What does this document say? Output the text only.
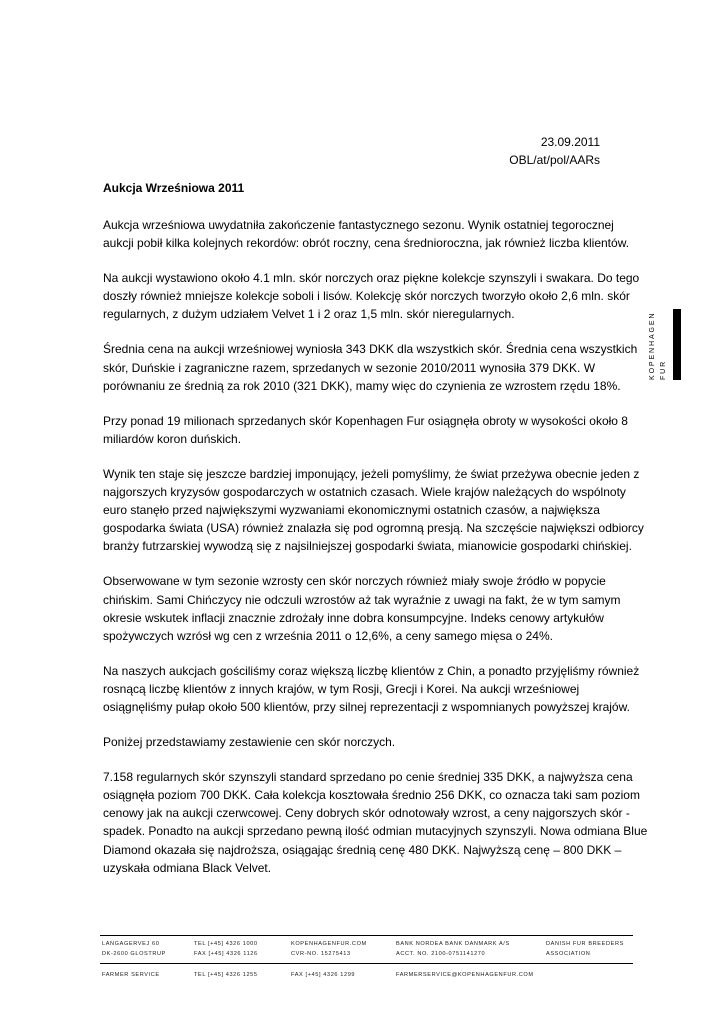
23.09.2011
OBL/at/pol/AARs
Aukcja Wrześniowa 2011

Aukcja wrześniowa uwydatniła zakończenie fantastycznego sezonu. Wynik ostatniej tegorocznej
aukcji pobił kilka kolejnych rekordów: obrót roczny, cena średnioroczna, jak również liczba klientów.

Na aukcji wystawiono około 4.1 mln. skór norczych oraz piękne kolekcje szynszyli i swakara. Do tego
doszły również mniejsze kolekcje soboli i lisów. Kolekcję skór norczych tworzyło około 2,6 mln. skór
regularnych, z dużym udziałem Velvet 1 i 2 oraz 1,5 mln. skór nieregularnych.

Średnia cena na aukcji wrześniowej wyniosła 343 DKK dla wszystkich skór. Średnia cena wszystkich
skór, Duńskie i zagraniczne razem, sprzedanych w sezonie 2010/2011 wynosiła 379 DKK. W
porównaniu ze średnią za rok 2010 (321 DKK), mamy więc do czynienia ze wzrostem rzędu 18%.

Przy ponad 19 milionach sprzedanych skór Kopenhagen Fur osiągnęła obroty w wysokości około 8
miliardów koron duńskich.

Wynik ten staje się jeszcze bardziej imponujący, jeżeli pomyślimy, że świat przeżywa obecnie jeden z
najgorszych kryzysów gospodarczych w ostatnich czasach. Wiele krajów należących do wspólnoty
euro stanęło przed największymi wyzwaniami ekonomicznymi ostatnich czasów, a największa
gospodarka świata (USA) również znalazła się pod ogromną presją. Na szczęście największi odbiorcy
branży futrzarskiej wywodzą się z najsilniejszej gospodarki świata, mianowicie gospodarki chińskiej.

Obserwowane w tym sezonie wzrosty cen skór norczych również miały swoje źródło w popycie
chińskim. Sami Chińczycy nie odczuli wzrostów aż tak wyraźnie z uwagi na fakt, że w tym samym
okresie wskutek inflacji znacznie zdrożały inne dobra konsumpcyjne. Indeks cenowy artykułów
spożywczych wzrósł wg cen z września 2011 o 12,6%, a ceny samego mięsa o 24%.

Na naszych aukcjach gościliśmy coraz większą liczbę klientów z Chin, a ponadto przyjęliśmy również
rosnącą liczbę klientów z innych krajów, w tym Rosji, Grecji i Korei. Na aukcji wrześniowej
osiągnęliśmy pułap około 500 klientów, przy silnej reprezentacji z wspomnianych powyższej krajów.

Poniżej przedstawiamy zestawienie cen skór norczych.

7.158 regularnych skór szynszyli standard sprzedano po cenie średniej 335 DKK, a najwyższa cena
osiągnęła poziom 700 DKK. Cała kolekcja kosztowała średnio 256 DKK, co oznacza taki sam poziom
cenowy jak na aukcji czerwcowej. Ceny dobrych skór odnotowały wzrost, a ceny najgorszych skór -
spadek. Ponadto na aukcji sprzedano pewną ilość odmian mutacyjnych szynszyli. Nowa odmiana Blue
Diamond okazała się najdroższa, osiągając średnią cenę 480 DKK. Najwyższą cenę – 800 DKK –
uzyskała odmiana Black Velvet.

KOPENHAGEN FUR
LANGAGERVEJ 60
DK-2600 GLOSTRUP
TEL [+45] 4326 1000
FAX [+45] 4326 1126
KOPENHAGENFUR.COM
CVR-NO. 15275413
BANK NORDEA BANK DANMARK A/S
ACCT. NO. 2100-0751141270
DANISH FUR BREEDERS
ASSOCIATION
FARMER SERVICE	TEL [+45] 4326 1255	FAX [+45] 4326 1299	FARMERSERVICE@KOPENHAGENFUR.COM
